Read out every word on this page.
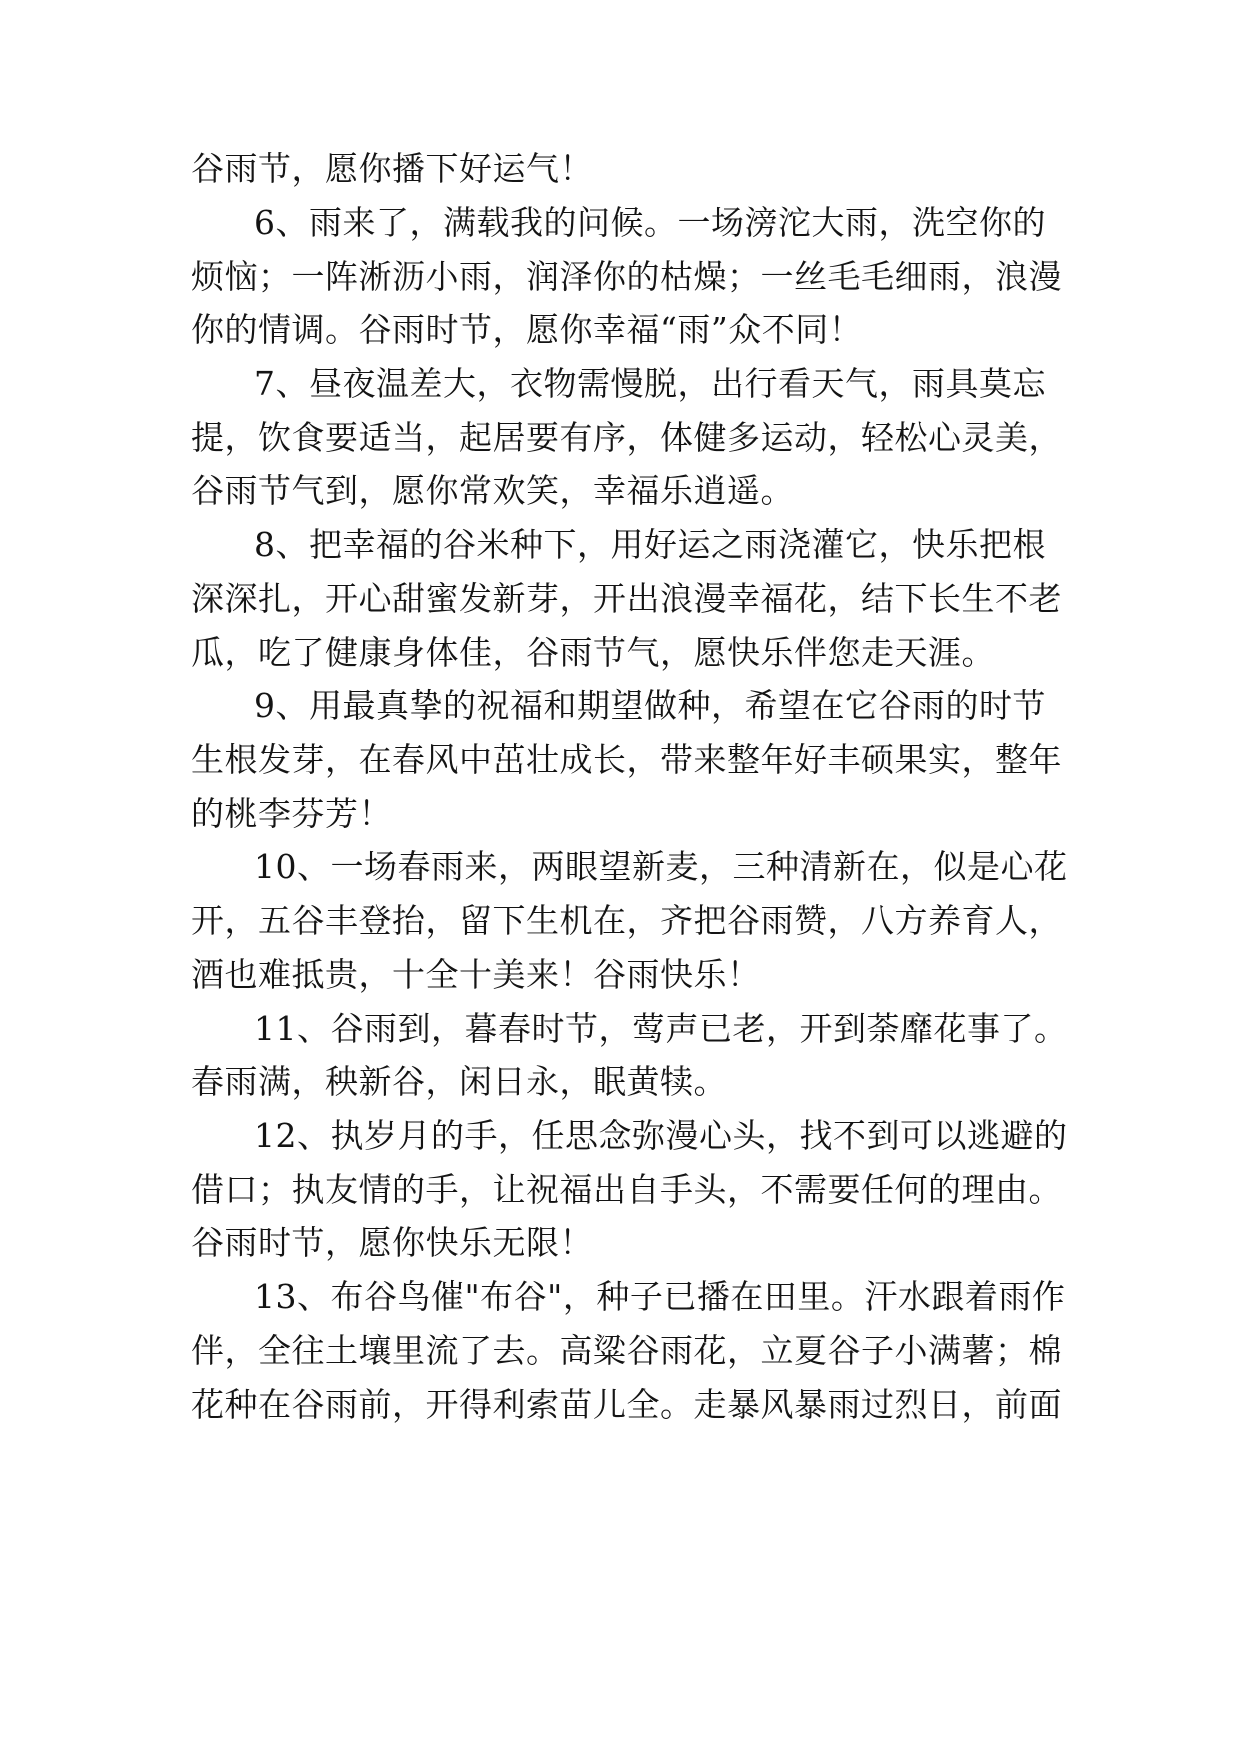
谷雨节，愿你播下好运气！

6、雨来了，满载我的问候。一场滂沱大雨，洗空你的

烦恼；一阵淅沥小雨，润泽你的枯燥；一丝毛毛细雨，浪漫

你的情调。谷雨时节，愿你幸福“雨”众不同！

7、昼夜温差大，衣物需慢脱，出行看天气，雨具莫忘

提，饮食要适当，起居要有序，体健多运动，轻松心灵美，

谷雨节气到，愿你常欢笑，幸福乐逍遥。

8、把幸福的谷米种下，用好运之雨浇灌它，快乐把根

深深扎，开心甜蜜发新芽，开出浪漫幸福花，结下长生不老

瓜，吃了健康身体佳，谷雨节气，愿快乐伴您走天涯。

9、用最真挚的祝福和期望做种，希望在它谷雨的时节

生根发芽，在春风中茁壮成长，带来整年好丰硕果实，整年

的桃李芬芳！

10、一场春雨来，两眼望新麦，三种清新在，似是心花

开，五谷丰登抬，留下生机在，齐把谷雨赞，八方养育人，

酒也难抵贵，十全十美来！谷雨快乐！

11、谷雨到，暮春时节，莺声已老，开到荼靡花事了。

春雨满，秧新谷，闲日永，眠黄犊。

12、执岁月的手，任思念弥漫心头，找不到可以逃避的

借口；执友情的手，让祝福出自手头，不需要任何的理由。

谷雨时节，愿你快乐无限！

13、布谷鸟催"布谷"，种子已播在田里。汗水跟着雨作

伴，全往土壤里流了去。高粱谷雨花，立夏谷子小满薯；棉

花种在谷雨前，开得利索苗儿全。走暴风暴雨过烈日，前面
